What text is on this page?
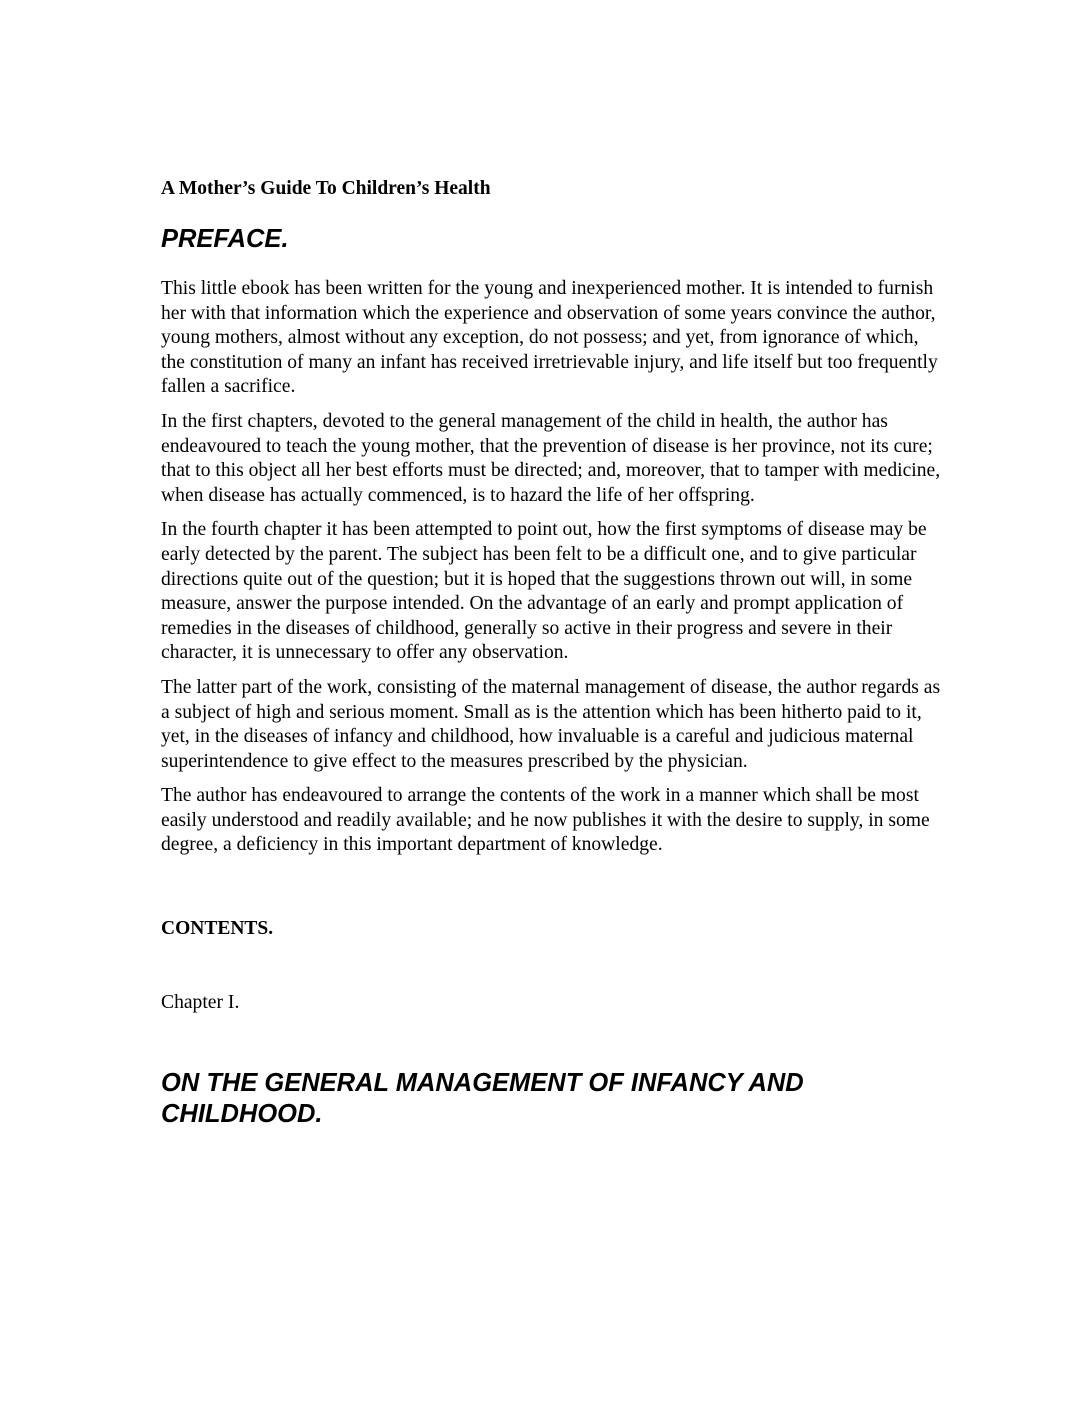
A Mother’s Guide To Children’s Health
PREFACE.

This little ebook has been written for the young and inexperienced mother. It is intended to furnish her with that information which the experience and observation of some years convince the author, young mothers, almost without any exception, do not possess; and yet, from ignorance of which, the constitution of many an infant has received irretrievable injury, and life itself but too frequently fallen a sacrifice.

In the first chapters, devoted to the general management of the child in health, the author has endeavoured to teach the young mother, that the prevention of disease is her province, not its cure; that to this object all her best efforts must be directed; and, moreover, that to tamper with medicine, when disease has actually commenced, is to hazard the life of her offspring.

In the fourth chapter it has been attempted to point out, how the first symptoms of disease may be early detected by the parent. The subject has been felt to be a difficult one, and to give particular directions quite out of the question; but it is hoped that the suggestions thrown out will, in some measure, answer the purpose intended. On the advantage of an early and prompt application of remedies in the diseases of childhood, generally so active in their progress and severe in their character, it is unnecessary to offer any observation.

The latter part of the work, consisting of the maternal management of disease, the author regards as a subject of high and serious moment. Small as is the attention which has been hitherto paid to it, yet, in the diseases of infancy and childhood, how invaluable is a careful and judicious maternal superintendence to give effect to the measures prescribed by the physician.

The author has endeavoured to arrange the contents of the work in a manner which shall be most easily understood and readily available; and he now publishes it with the desire to supply, in some degree, a deficiency in this important department of knowledge.

CONTENTS.

Chapter I.

ON THE GENERAL MANAGEMENT OF INFANCY AND CHILDHOOD.
